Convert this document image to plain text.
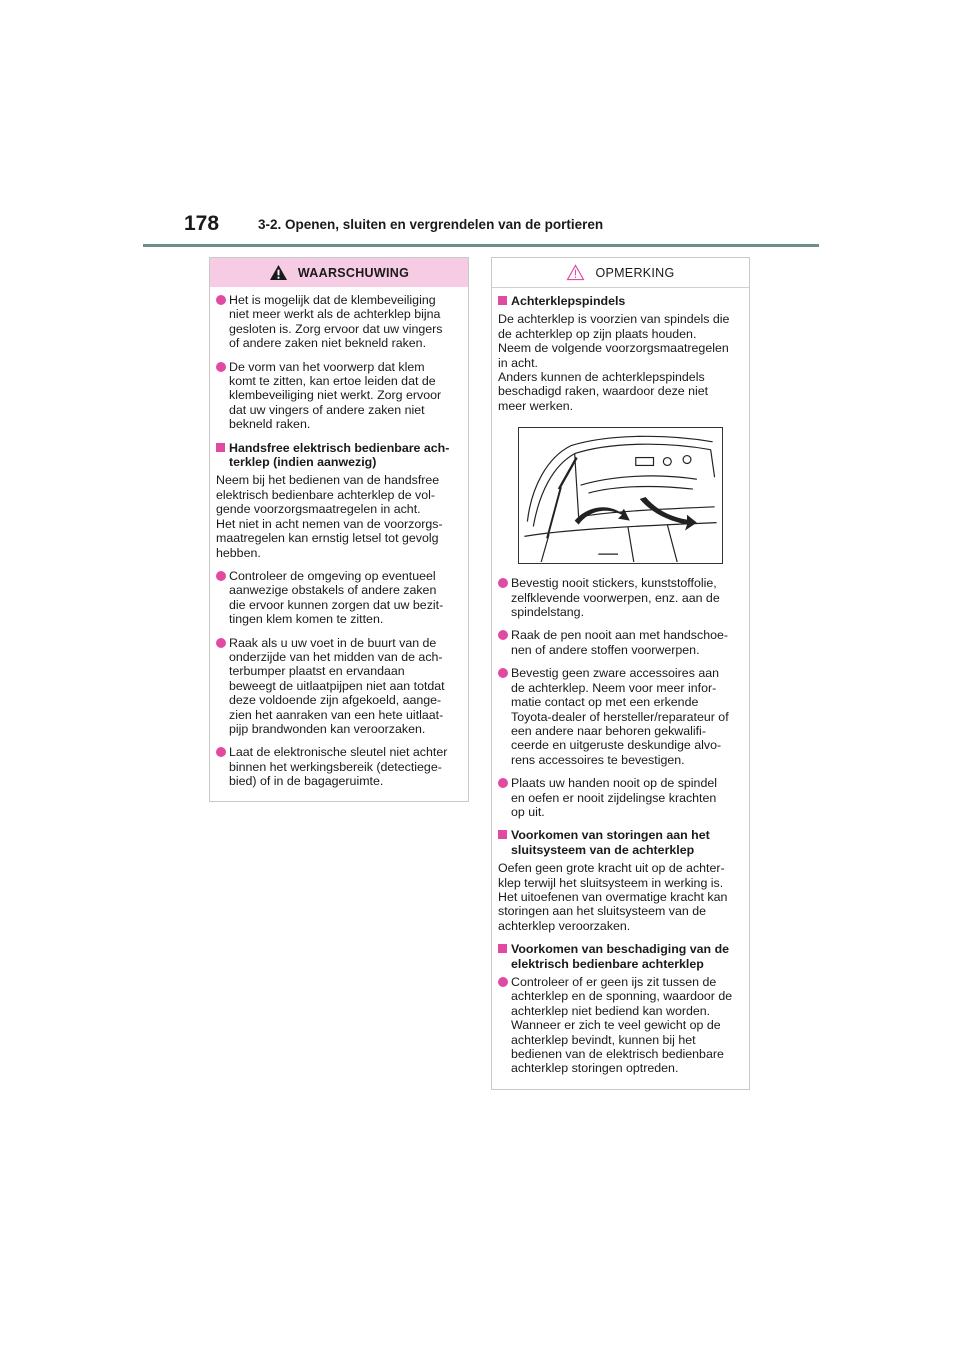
178	3-2. Openen, sluiten en vergrendelen van de portieren
WAARSCHUWING
Het is mogelijk dat de klembeveiliging
niet meer werkt als de achterklep bijna
gesloten is. Zorg ervoor dat uw vingers
of andere zaken niet bekneld raken.
De vorm van het voorwerp dat klem
komt te zitten, kan ertoe leiden dat de
klembeveiliging niet werkt. Zorg ervoor
dat uw vingers of andere zaken niet
bekneld raken.
Handsfree elektrisch bedienbare ach-
terklep (indien aanwezig)
Neem bij het bedienen van de handsfree
elektrisch bedienbare achterklep de vol-
gende voorzorgsmaatregelen in acht.
Het niet in acht nemen van de voorzorgs-
maatregelen kan ernstig letsel tot gevolg
hebben.
Controleer de omgeving op eventueel
aanwezige obstakels of andere zaken
die ervoor kunnen zorgen dat uw bezit-
tingen klem komen te zitten.
Raak als u uw voet in de buurt van de
onderzijde van het midden van de ach-
terbumper plaatst en ervandaan
beweegt de uitlaatpijpen niet aan totdat
deze voldoende zijn afgekoeld, aange-
zien het aanraken van een hete uitlaat-
pijp brandwonden kan veroorzaken.
Laat de elektronische sleutel niet achter
binnen het werkingsbereik (detectiege-
bied) of in de bagageruimte.
OPMERKING
Achterklepspindels
De achterklep is voorzien van spindels die
de achterklep op zijn plaats houden.
Neem de volgende voorzorgsmaatregelen
in acht.
Anders kunnen de achterklepspindels
beschadigd raken, waardoor deze niet
meer werken.
Bevestig nooit stickers, kunststoffolie,
zelfklevende voorwerpen, enz. aan de
spindelstang.
Raak de pen nooit aan met handschoe-
nen of andere stoffen voorwerpen.
Bevestig geen zware accessoires aan
de achterklep. Neem voor meer infor-
matie contact op met een erkende
Toyota-dealer of hersteller/reparateur of
een andere naar behoren gekwalifi-
ceerde en uitgeruste deskundige alvo-
rens accessoires te bevestigen.
Plaats uw handen nooit op de spindel
en oefen er nooit zijdelingse krachten
op uit.
Voorkomen van storingen aan het
sluitsysteem van de achterklep
Oefen geen grote kracht uit op de achter-
klep terwijl het sluitsysteem in werking is.
Het uitoefenen van overmatige kracht kan
storingen aan het sluitsysteem van de
achterklep veroorzaken.
Voorkomen van beschadiging van de
elektrisch bedienbare achterklep
Controleer of er geen ijs zit tussen de
achterklep en de sponning, waardoor de
achterklep niet bediend kan worden.
Wanneer er zich te veel gewicht op de
achterklep bevindt, kunnen bij het
bedienen van de elektrisch bedienbare
achterklep storingen optreden.
